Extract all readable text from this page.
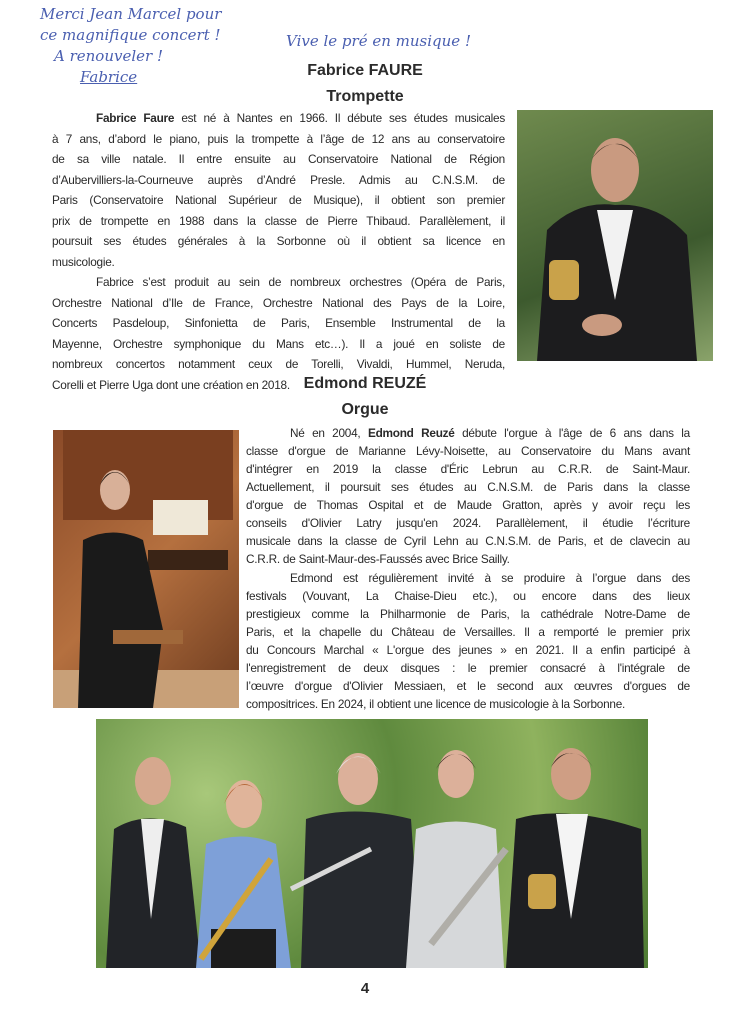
Merci Jean Marcel pour
ce magnifique concert !
A renouveler !
Fabrice
Vive le pré en musique !
Fabrice FAURE
Trompette
Fabrice Faure est né à Nantes en 1966. Il débute ses études musicales
à 7 ans, d’abord le piano, puis la trompette à l’âge de 12 ans au conservatoire
de sa ville natale. Il entre ensuite au Conservatoire National de Région
d’Aubervilliers-la-Courneuve auprès d’André Presle. Admis au C.N.S.M. de
Paris (Conservatoire National Supérieur de Musique), il obtient son premier
prix de trompette en 1988 dans la classe de Pierre Thibaud. Parallèlement, il
poursuit ses études générales à la Sorbonne où il obtient sa licence en
musicologie.
Fabrice s’est produit au sein de nombreux orchestres (Opéra de Paris,
Orchestre National d’Ile de France, Orchestre National des Pays de la Loire,
Concerts Pasdeloup, Sinfonietta de Paris, Ensemble Instrumental de la
Mayenne, Orchestre symphonique du Mans etc…). Il a joué en soliste de
nombreux concertos notamment ceux de Torelli, Vivaldi, Hummel, Neruda,
Corelli et Pierre Uga dont une création en 2018. Edmond REUZÉ
Orgue
Né en 2004, Edmond Reuzé débute l'orgue à l'âge de 6 ans dans la
classe d'orgue de Marianne Lévy-Noisette, au Conservatoire du Mans avant
d'intégrer en 2019 la classe d'Éric Lebrun au C.R.R. de Saint-Maur.
Actuellement, il poursuit ses études au C.N.S.M. de Paris dans la classe
d'orgue de Thomas Ospital et de Maude Gratton, après y avoir reçu les
conseils d'Olivier Latry jusqu'en 2024. Parallèlement, il étudie l’écriture
musicale dans la classe de Cyril Lehn au C.N.S.M. de Paris, et de clavecin au
C.R.R. de Saint-Maur-des-Faussés avec Brice Sailly.
Edmond est régulièrement invité à se produire à l’orgue dans des
festivals (Vouvant, La Chaise-Dieu etc.), ou encore dans des lieux
prestigieux comme la Philharmonie de Paris, la cathédrale Notre-Dame de
Paris, et la chapelle du Château de Versailles. Il a remporté le premier prix
du Concours Marchal « L'orgue des jeunes » en 2021. Il a enfin participé à
l'enregistrement de deux disques : le premier consacré à l'intégrale de
l’œuvre d'orgue d'Olivier Messiaen, et le second aux œuvres d'orgues de
compositrices. En 2024, il obtient une licence de musicologie à la Sorbonne.
4
